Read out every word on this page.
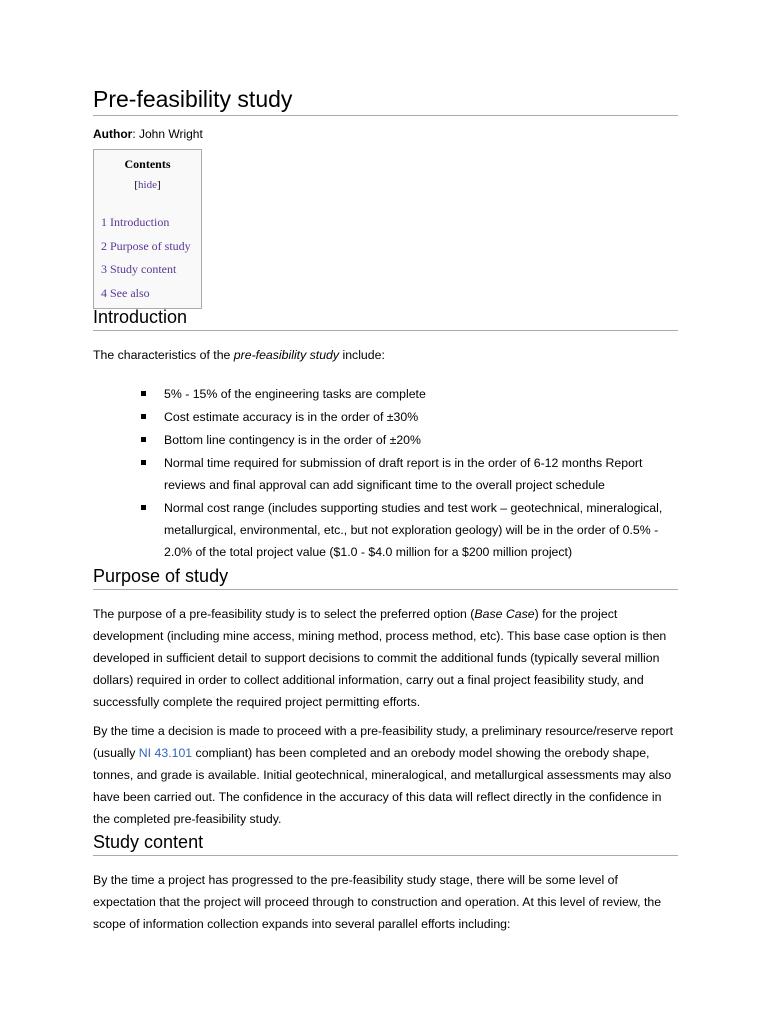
Pre-feasibility study
Author: John Wright
Contents
[hide]
1 Introduction
2 Purpose of study
3 Study content
4 See also
Introduction

The characteristics of the pre-feasibility study include:

5% - 15% of the engineering tasks are complete
Cost estimate accuracy is in the order of ±30%
Bottom line contingency is in the order of ±20%
Normal time required for submission of draft report is in the order of 6-12 months Report reviews and final approval can add significant time to the overall project schedule
Normal cost range (includes supporting studies and test work – geotechnical, mineralogical, metallurgical, environmental, etc., but not exploration geology) will be in the order of 0.5% - 2.0% of the total project value ($1.0 - $4.0 million for a $200 million project)
Purpose of study

The purpose of a pre-feasibility study is to select the preferred option (Base Case) for the project development (including mine access, mining method, process method, etc). This base case option is then developed in sufficient detail to support decisions to commit the additional funds (typically several million dollars) required in order to collect additional information, carry out a final project feasibility study, and successfully complete the required project permitting efforts.

By the time a decision is made to proceed with a pre-feasibility study, a preliminary resource/reserve report (usually NI 43.101 compliant) has been completed and an orebody model showing the orebody shape, tonnes, and grade is available. Initial geotechnical, mineralogical, and metallurgical assessments may also have been carried out. The confidence in the accuracy of this data will reflect directly in the confidence in the completed pre-feasibility study.

Study content

By the time a project has progressed to the pre-feasibility study stage, there will be some level of expectation that the project will proceed through to construction and operation. At this level of review, the scope of information collection expands into several parallel efforts including:
